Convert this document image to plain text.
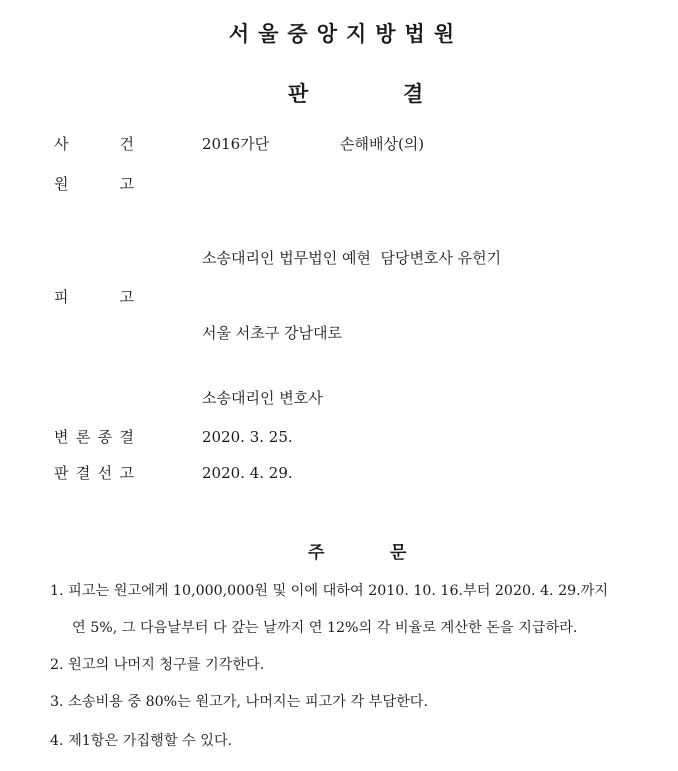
서울중앙지방법원
판	결
사	건	2016가단	손해배상(의)
원	고
소송대리인 법무법인 예현  담당변호사 유헌기
피	고
서울 서초구 강남대로
소송대리인 변호사
변 론 종 결	2020. 3. 25.
판 결 선 고	2020. 4. 29.
주	문
1. 피고는 원고에게 10,000,000원 및 이에 대하여 2010. 10. 16.부터 2020. 4. 29.까지
연 5%, 그 다음날부터 다 갚는 날까지 연 12%의 각 비율로 계산한 돈을 지급하라.
2. 원고의 나머지 청구를 기각한다.
3. 소송비용 중 80%는 원고가, 나머지는 피고가 각 부담한다.
4. 제1항은 가집행할 수 있다.
